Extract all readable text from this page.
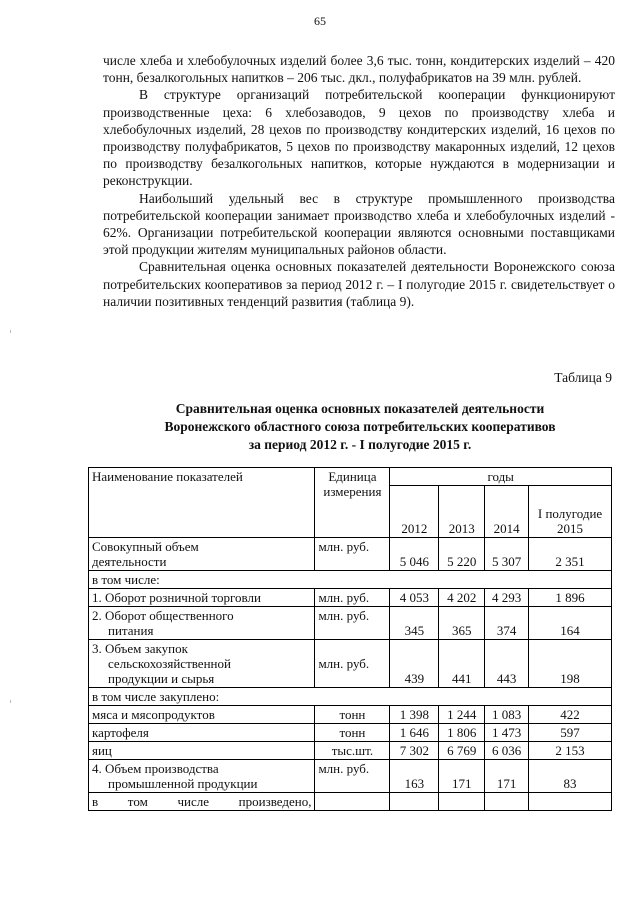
65

числе хлеба и хлебобулочных изделий более 3,6 тыс. тонн, кондитерских изделий – 420 тонн, безалкогольных напитков – 206 тыс. дкл., полуфабрикатов на 39 млн. рублей.

В структуре организаций потребительской кооперации функционируют производственные цеха: 6 хлебозаводов, 9 цехов по производству хлеба и хлебобулочных изделий, 28 цехов по производству кондитерских изделий, 16 цехов по производству полуфабрикатов, 5 цехов по производству макаронных изделий, 12 цехов по производству безалкогольных напитков, которые нуждаются в модернизации и реконструкции.

Наибольший удельный вес в структуре промышленного производства потребительской кооперации занимает производство хлеба и хлебобулочных изделий - 62%. Организации потребительской кооперации являются основными поставщиками этой продукции жителям муниципальных районов области.

Сравнительная оценка основных показателей деятельности Воронежского союза потребительских кооперативов за период 2012 г. – I полугодие 2015 г. свидетельствует о наличии позитивных тенденций развития (таблица 9).

Таблица 9
Сравнительная оценка основных показателей деятельности
Воронежского областного союза потребительских кооперативов
за период 2012 г. - I полугодие 2015 г.
Наименование показателей	Единица измерения	годы			
		2012	2013	2014	I полугодие 2015

Совокупный объем
деятельности	млн. руб.	5 046	5 220	5 307	2 351
в том числе:					

1. Оборот розничной торговли	млн. руб.	4 053	4 202	4 293	1 896

2. Оборот общественного
питания	млн. руб.	345	365	374	164

3. Объем закупок
сельскохозяйственной
продукции и сырья	млн. руб.	439	441	443	198
в том числе закуплено:					

мяса и мясопродуктов	тонн	1 398	1 244	1 083	422

картофеля	тонн	1 646	1 806	1 473	597

яиц	тыс.шт.	7 302	6 769	6 036	2 153

4. Объем производства
промышленной продукции	млн. руб.	163	171	171	83
в том числе произведено,					
